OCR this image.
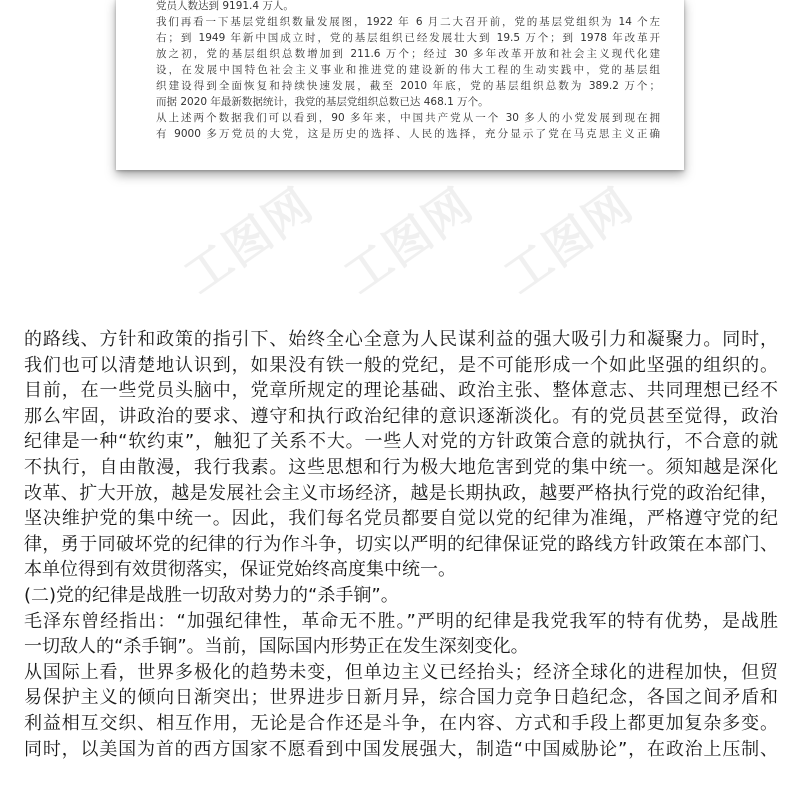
党员人数达到 9191.4 万人。

我们再看一下基层党组织数量发展图，1922 年 6 月二大召开前，党的基层党组织为 14 个左

右；到 1949 年新中国成立时，党的基层组织已经发展壮大到 19.5 万个；到 1978 年改革开

放之初，党的基层组织总数增加到 211.6 万个；经过 30 多年改革开放和社会主义现代化建

设，在发展中国特色社会主义事业和推进党的建设新的伟大工程的生动实践中，党的基层组

织建设得到全面恢复和持续快速发展，截至 2010 年底，党的基层组织总数为 389.2 万个；

而据 2020 年最新数据统计，我党的基层党组织总数已达 468.1 万个。

从上述两个数据我们可以看到，90 多年来，中国共产党从一个 30 多人的小党发展到现在拥

有 9000 多万党员的大党，这是历史的选择、人民的选择，充分显示了党在马克思主义正确

工图网 工图网 工图网

的路线、方针和政策的指引下、始终全心全意为人民谋利益的强大吸引力和凝聚力。同时，

我们也可以清楚地认识到，如果没有铁一般的党纪，是不可能形成一个如此坚强的组织的。

目前，在一些党员头脑中，党章所规定的理论基础、政治主张、整体意志、共同理想已经不

那么牢固，讲政治的要求、遵守和执行政治纪律的意识逐渐淡化。有的党员甚至觉得，政治

纪律是一种“软约束”，触犯了关系不大。一些人对党的方针政策合意的就执行，不合意的就

不执行，自由散漫，我行我素。这些思想和行为极大地危害到党的集中统一。须知越是深化

改革、扩大开放，越是发展社会主义市场经济，越是长期执政，越要严格执行党的政治纪律，

坚决维护党的集中统一。因此，我们每名党员都要自觉以党的纪律为准绳，严格遵守党的纪

律，勇于同破坏党的纪律的行为作斗争，切实以严明的纪律保证党的路线方针政策在本部门、

本单位得到有效贯彻落实，保证党始终高度集中统一。

(二)党的纪律是战胜一切敌对势力的“杀手锏”。

毛泽东曾经指出：“加强纪律性，革命无不胜。”严明的纪律是我党我军的特有优势，是战胜

一切敌人的“杀手锏”。当前，国际国内形势正在发生深刻变化。

从国际上看，世界多极化的趋势未变，但单边主义已经抬头；经济全球化的进程加快，但贸

易保护主义的倾向日渐突出；世界进步日新月异，综合国力竞争日趋纪念，各国之间矛盾和

利益相互交织、相互作用，无论是合作还是斗争，在内容、方式和手段上都更加复杂多变。

同时，以美国为首的西方国家不愿看到中国发展强大，制造“中国威胁论”，在政治上压制、
